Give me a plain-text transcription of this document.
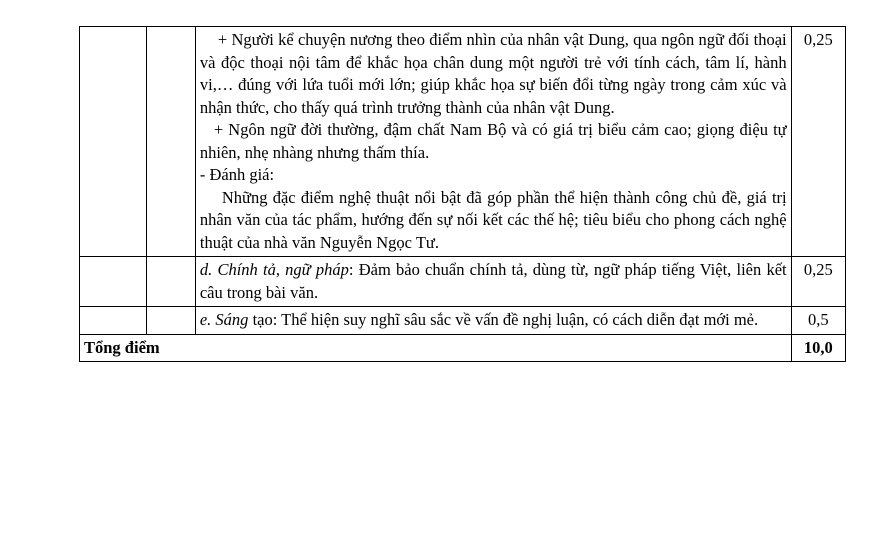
		+ Người kể chuyện nương theo điểm nhìn của nhân vật Dung, qua ngôn ngữ đối thoại và độc thoại nội tâm để khắc họa chân dung một người trẻ với tính cách, tâm lí, hành vi,… đúng với lứa tuổi mới lớn; giúp khắc họa sự biến đổi từng ngày trong cảm xúc và nhận thức, cho thấy quá trình trưởng thành của nhân vật Dung.

+ Ngôn ngữ đời thường, đậm chất Nam Bộ và có giá trị biểu cảm cao; giọng điệu tự nhiên, nhẹ nhàng nhưng thấm thía.

- Đánh giá:

Những đặc điểm nghệ thuật nổi bật đã góp phần thể hiện thành công chủ đề, giá trị nhân văn của tác phẩm, hướng đến sự nối kết các thế hệ; tiêu biểu cho phong cách nghệ thuật của nhà văn Nguyễn Ngọc Tư.	0,25
		d. Chính tả, ngữ pháp: Đảm bảo chuẩn chính tả, dùng từ, ngữ pháp tiếng Việt, liên kết câu trong bài văn.	0,25
		e. Sáng tạo: Thể hiện suy nghĩ sâu sắc về vấn đề nghị luận, có cách diễn đạt mới mẻ.	0,5
Tổng điểm			10,0
